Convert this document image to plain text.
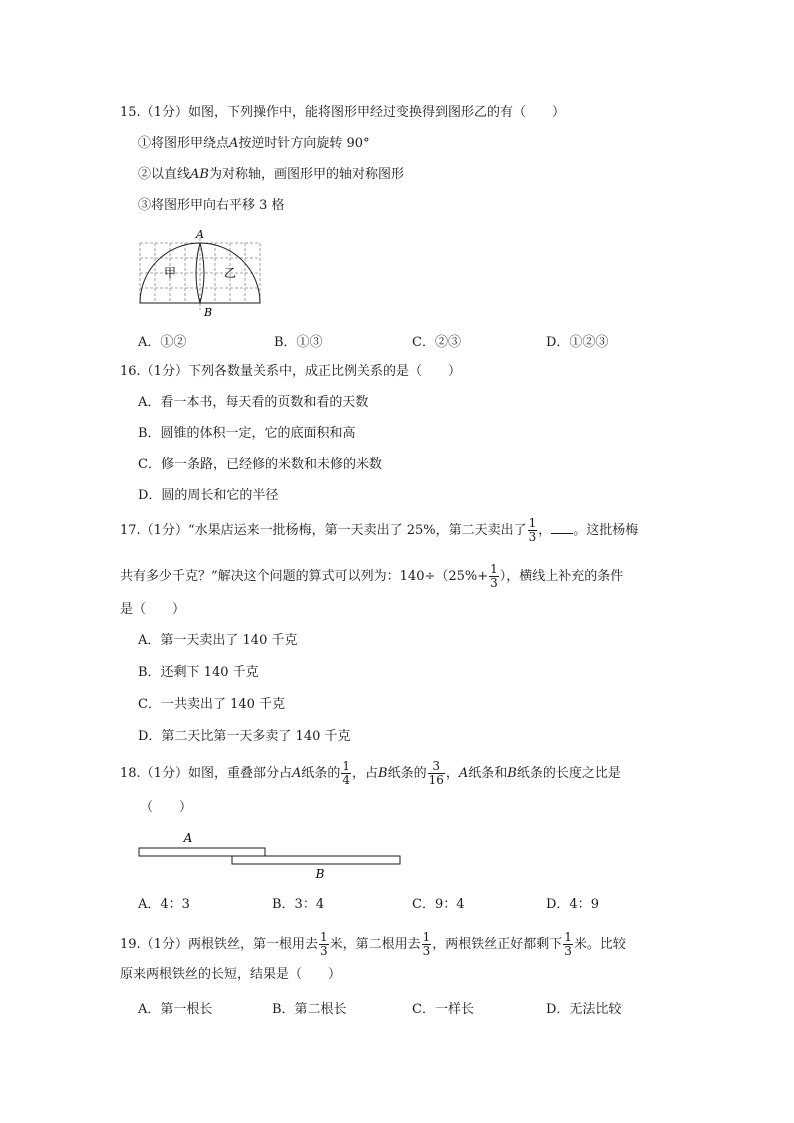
15.（1分）如图，下列操作中，能将图形甲经过变换得到图形乙的有（　　）
①将图形甲绕点A按逆时针方向旋转 90°
②以直线AB为对称轴，画图形甲的轴对称图形
③将图形甲向右平移 3 格
A
B
甲	乙
A．①②	B．①③	C．②③	D．①②③
16.（1分）下列各数量关系中，成正比例关系的是（　　）
A．看一本书，每天看的页数和看的天数
B．圆锥的体积一定，它的底面积和高
C．修一条路，已经修的米数和未修的米数
D．圆的周长和它的半径
17.（1分）“水果店运来一批杨梅，第一天卖出了 25%，第二天卖出了 $\frac{1}{3}$ ， 。这批杨梅
共有多少千克？”解决这个问题的算式可以列为：$140\div(25\%+ \frac{1}{3}$ ），横线上补充的条件
是（　　）
A．第一天卖出了 140 千克
B．还剩下 140 千克
C．一共卖出了 140 千克
D．第二天比第一天多卖了 140 千克
18.（1分）如图，重叠部分占A纸条的 $\frac{1}{4}$ ，占B纸条的 $\frac{3}{16}$ ，A纸条和B纸条的长度之比是
（　　）
A
B
A．4：3	B．3：4	C．9：4	D．4：9
19.（1分）两根铁丝，第一根用去 $\frac{1}{3}$ 米，第二根用去 $\frac{1}{3}$ ，两根铁丝正好都剩下 $\frac{1}{3}$ 米。比较
原来两根铁丝的长短，结果是（　　）
A．第一根长	B．第二根长	C．一样长	D．无法比较
